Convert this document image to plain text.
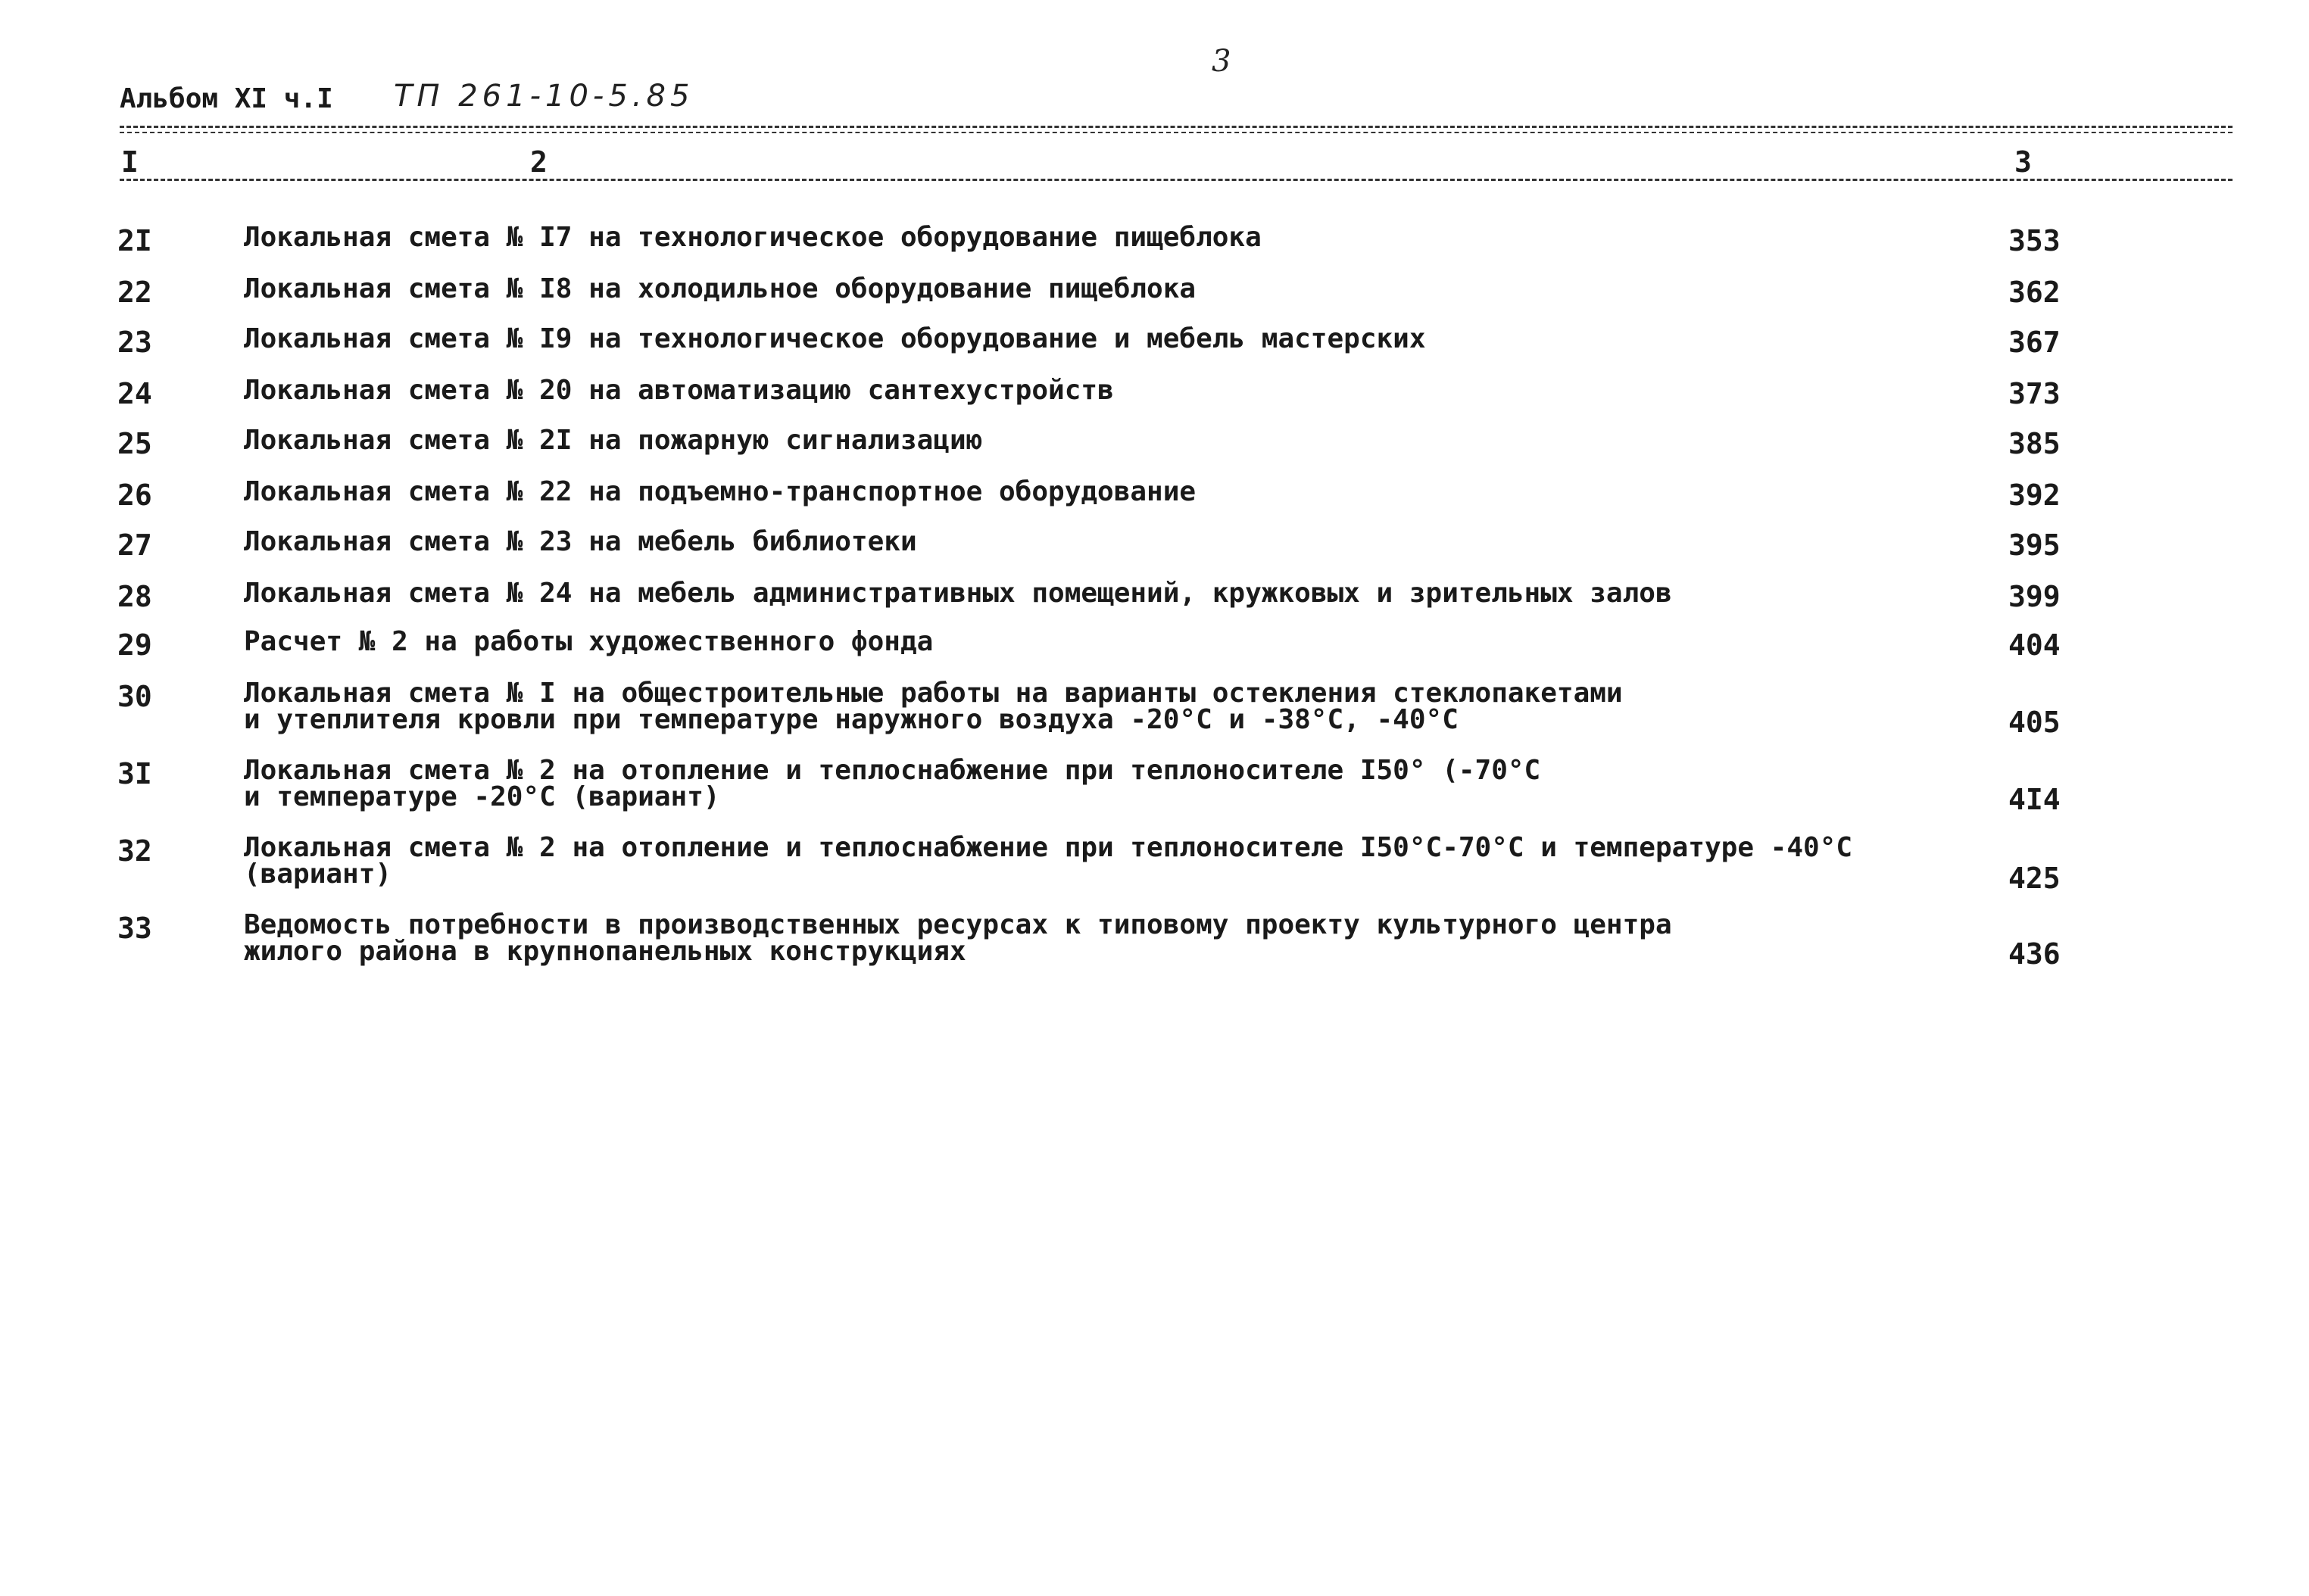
3
Альбом XI ч.I ТП 261-10-5.85
I	2	3
2I	Локальная смета № I7 на технологическое оборудование пищеблока	353
22	Локальная смета № I8 на холодильное оборудование пищеблока	362
23	Локальная смета № I9 на технологическое оборудование и мебель мастерских	367
24	Локальная смета № 20 на автоматизацию сантехустройств	373
25	Локальная смета № 2I на пожарную сигнализацию	385
26	Локальная смета № 22 на подъемно-транспортное оборудование	392
27	Локальная смета № 23 на мебель библиотеки	395
28	Локальная смета № 24 на мебель административных помещений, кружковых и зрительных залов	399
29	Расчет № 2 на работы художественного фонда	404
30	Локальная смета № I на общестроительные работы на варианты остекления стеклопакетами
и утеплителя кровли при температуре наружного воздуха -20°С и -38°С, -40°С	405
3I	Локальная смета № 2 на отопление и теплоснабжение при теплоносителе I50° (-70°С
и температуре -20°С (вариант)	4I4
32	Локальная смета № 2 на отопление и теплоснабжение при теплоносителе I50°С-70°С и температуре -40°С
(вариант)	425
33	Ведомость потребности в производственных ресурсах к типовому проекту культурного центра
жилого района в крупнопанельных конструкциях	436
